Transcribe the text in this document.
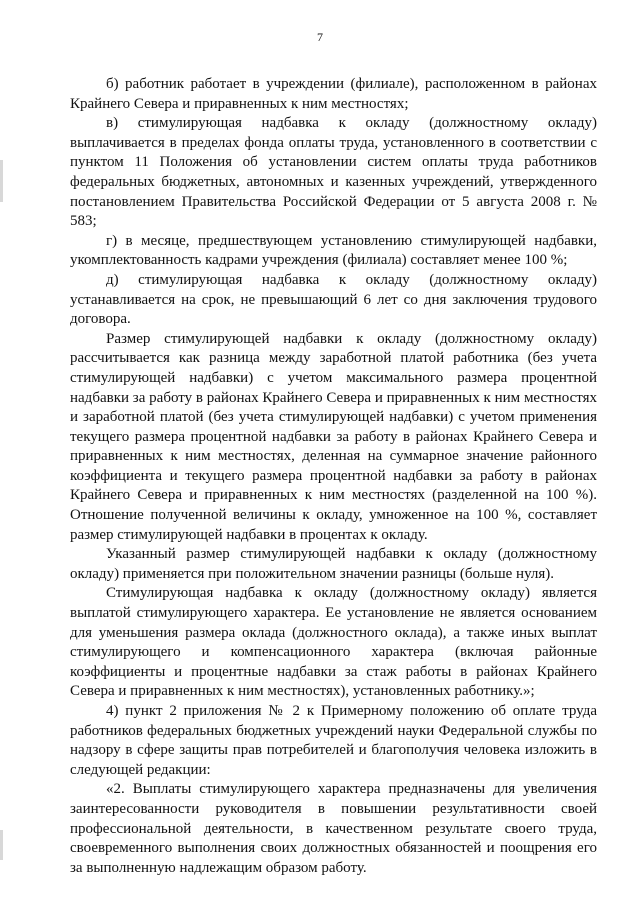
7

б) работник работает в учреждении (филиале), расположенном в районах Крайнего Севера и приравненных к ним местностях;

в) стимулирующая надбавка к окладу (должностному окладу) выплачивается в пределах фонда оплаты труда, установленного в соответствии с пунктом 11 Положения об установлении систем оплаты труда работников федеральных бюджетных, автономных и казенных учреждений, утвержденного постановлением Правительства Российской Федерации от 5 августа 2008 г. № 583;

г) в месяце, предшествующем установлению стимулирующей надбавки, укомплектованность кадрами учреждения (филиала) составляет менее 100 %;

д) стимулирующая надбавка к окладу (должностному окладу) устанавливается на срок, не превышающий 6 лет со дня заключения трудового договора.

Размер стимулирующей надбавки к окладу (должностному окладу) рассчитывается как разница между заработной платой работника (без учета стимулирующей надбавки) с учетом максимального размера процентной надбавки за работу в районах Крайнего Севера и приравненных к ним местностях и заработной платой (без учета стимулирующей надбавки) с учетом применения текущего размера процентной надбавки за работу в районах Крайнего Севера и приравненных к ним местностях, деленная на суммарное значение районного коэффициента и текущего размера процентной надбавки за работу в районах Крайнего Севера и приравненных к ним местностях (разделенной на 100 %). Отношение полученной величины к окладу, умноженное на 100 %, составляет размер стимулирующей надбавки в процентах к окладу.

Указанный размер стимулирующей надбавки к окладу (должностному окладу) применяется при положительном значении разницы (больше нуля).

Стимулирующая надбавка к окладу (должностному окладу) является выплатой стимулирующего характера. Ее установление не является основанием для уменьшения размера оклада (должностного оклада), а также иных выплат стимулирующего и компенсационного характера (включая районные коэффициенты и процентные надбавки за стаж работы в районах Крайнего Севера и приравненных к ним местностях), установленных работнику.»;

4) пункт 2 приложения № 2 к Примерному положению об оплате труда работников федеральных бюджетных учреждений науки Федеральной службы по надзору в сфере защиты прав потребителей и благополучия человека изложить в следующей редакции:

«2. Выплаты стимулирующего характера предназначены для увеличения заинтересованности руководителя в повышении результативности своей профессиональной деятельности, в качественном результате своего труда, своевременного выполнения своих должностных обязанностей и поощрения его за выполненную надлежащим образом работу.
